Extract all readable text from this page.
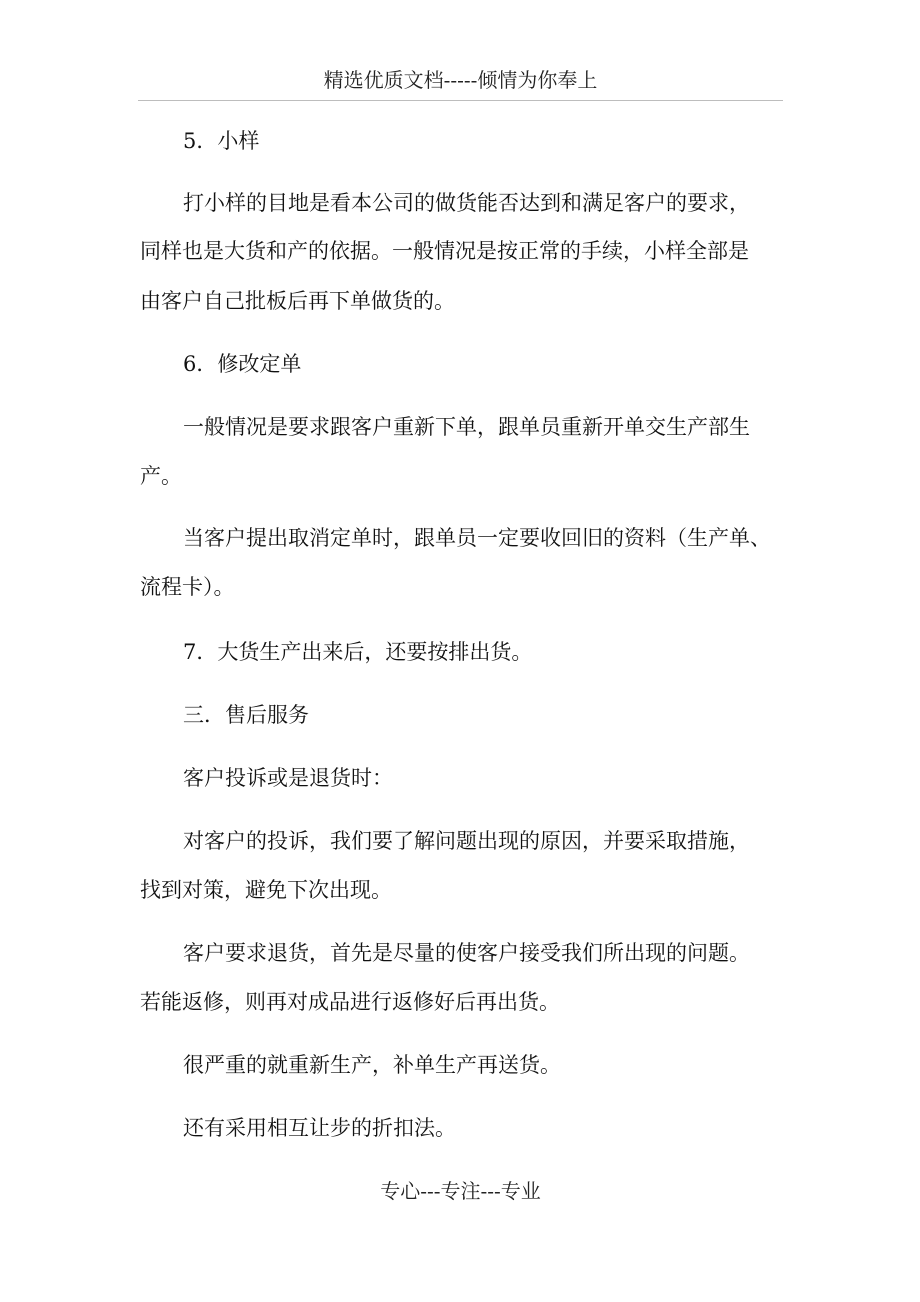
精选优质文档-----倾情为你奉上
5．小样
打小样的目地是看本公司的做货能否达到和满足客户的要求，
同样也是大货和产的依据。一般情况是按正常的手续，小样全部是
由客户自己批板后再下单做货的。
6．修改定单
一般情况是要求跟客户重新下单，跟单员重新开单交生产部生
产。
当客户提出取消定单时，跟单员一定要收回旧的资料（生产单、
流程卡）。
7．大货生产出来后，还要按排出货。
三．售后服务
客户投诉或是退货时：
对客户的投诉，我们要了解问题出现的原因，并要采取措施，
找到对策，避免下次出现。
客户要求退货，首先是尽量的使客户接受我们所出现的问题。
若能返修，则再对成品进行返修好后再出货。
很严重的就重新生产，补单生产再送货。
还有采用相互让步的折扣法。
专心---专注---专业
